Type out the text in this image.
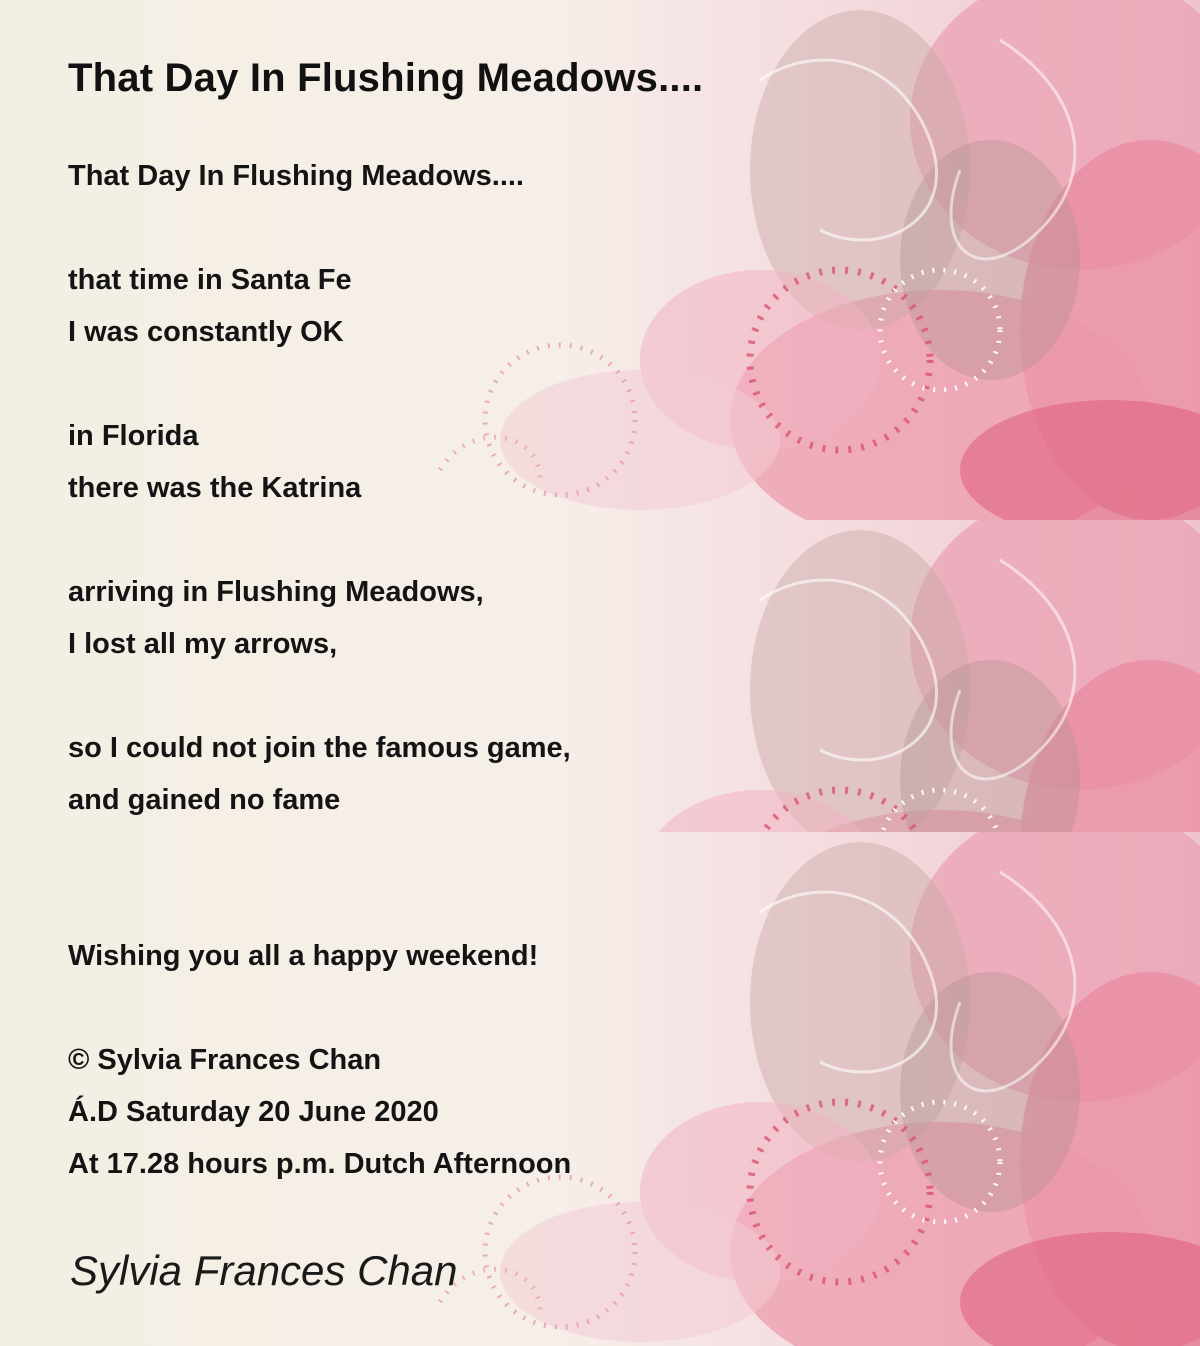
That Day In Flushing Meadows....
That Day In Flushing Meadows....
that time in Santa Fe
I was constantly OK
in Florida
there was the Katrina
arriving in Flushing Meadows,
I lost all my arrows,
so I could not join the famous game,
and gained no fame
Wishing you all a happy weekend!
© Sylvia Frances Chan
Á.D Saturday 20 June 2020
At 17.28 hours p.m. Dutch Afternoon
Sylvia Frances Chan
